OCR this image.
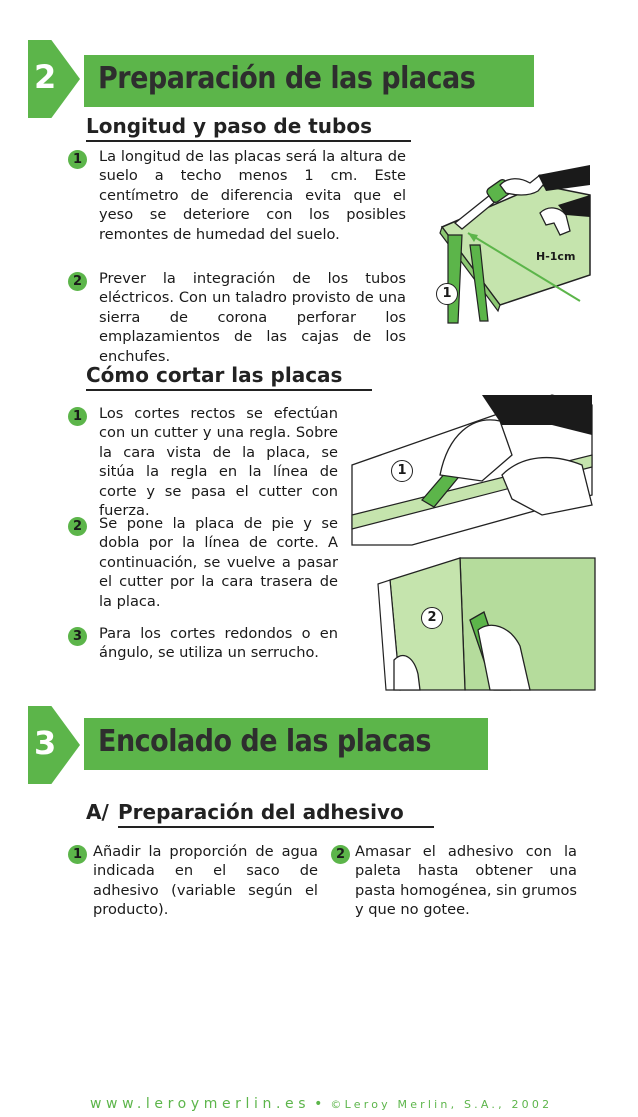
2 Preparación de las placas
Longitud y paso de tubos
1	La longitud de las placas será la altura de suelo a techo menos 1 cm. Este centímetro de diferencia evita que el yeso se deteriore con los posibles remontes de humedad del suelo.
2	Prever la integración de los tubos eléctricos. Con un taladro provisto de una sierra de corona perforar los emplazamientos de las cajas de los enchufes.
H-1cm
1
Cómo cortar las placas
1	Los cortes rectos se efectúan con un cutter y una regla. Sobre la cara vista de la placa, se sitúa la regla en la línea de corte y se pasa el cutter con fuerza.
2	Se pone la placa de pie y se dobla por la línea de corte. A continuación, se vuelve a pasar el cutter por la cara trasera de la placa.
3	Para los cortes redondos o en ángulo, se utiliza un serrucho.
1
2
3 Encolado de las placas
A/ Preparación del adhesivo
1 Añadir la proporción de agua indicada en el saco de adhesivo (variable según el producto).
2 Amasar el adhesivo con la paleta hasta obtener una pasta homogénea, sin grumos y que no gotee.
www.leroymerlin.es • ©Leroy Merlin, S.A., 2002
